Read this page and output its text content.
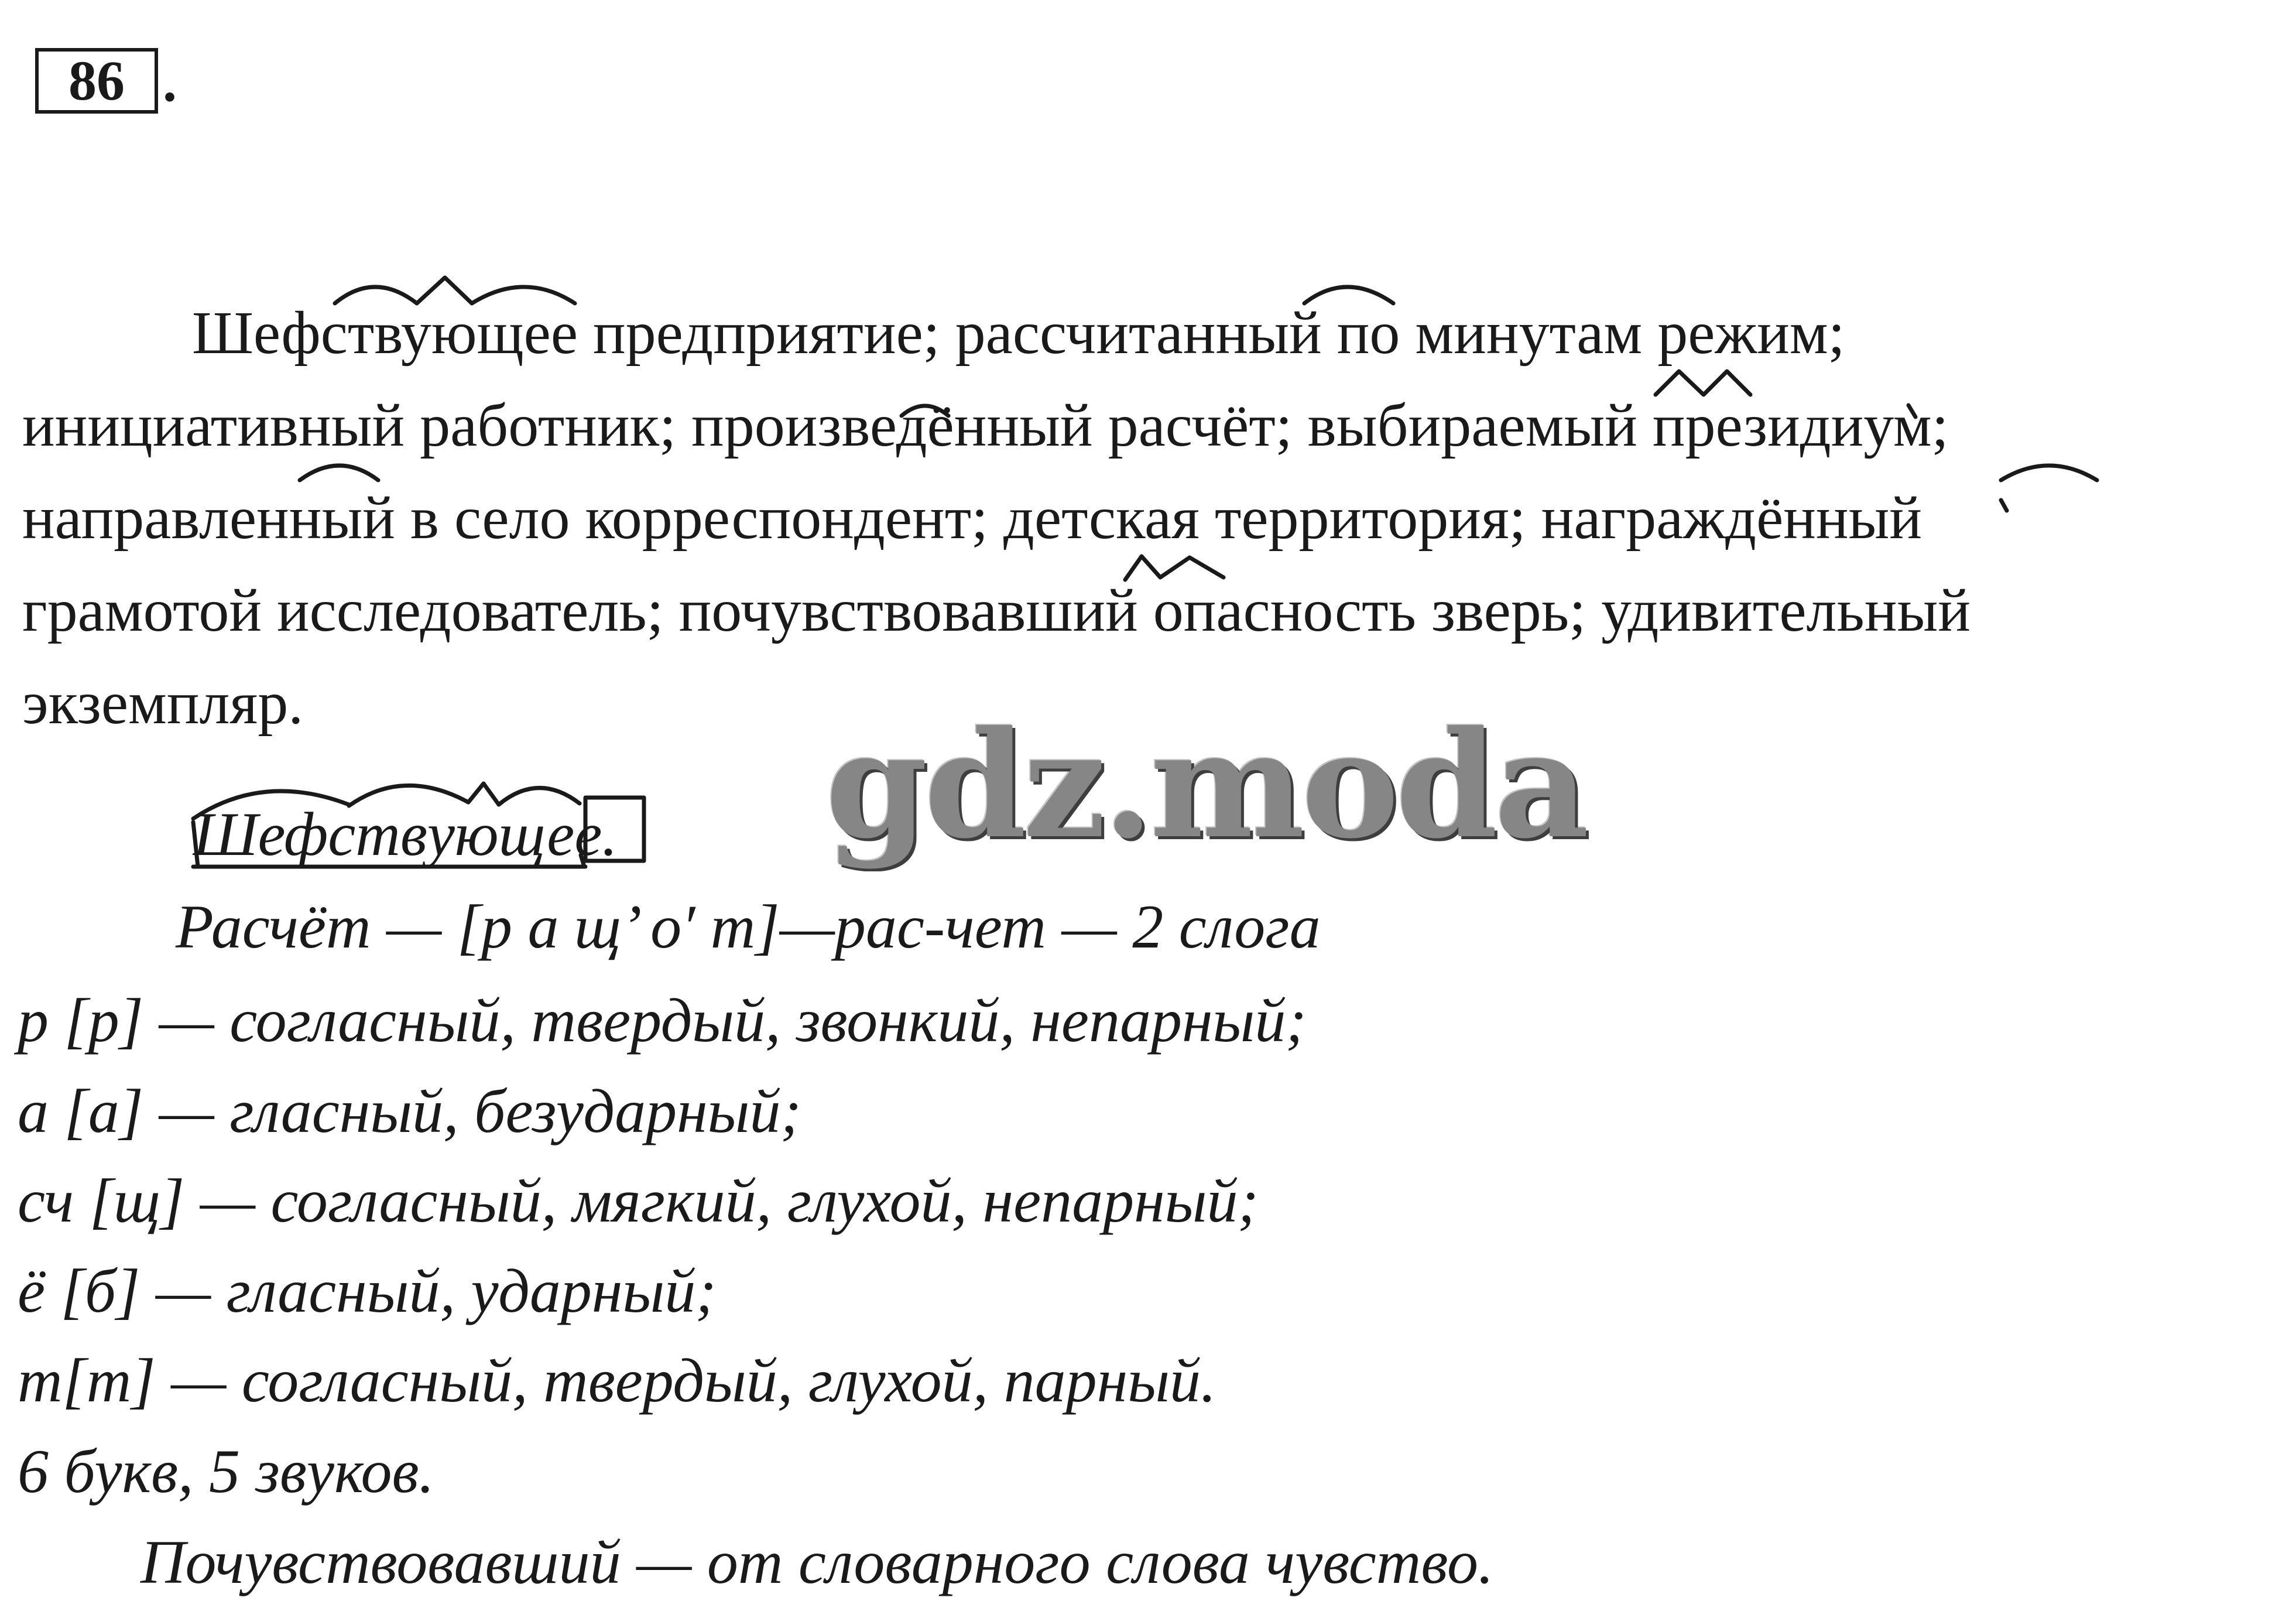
86 .

Шефствующее предприятие; рассчитанный по минутам режим;
инициативный работник; произведённый расчёт; выбираемый президиум;
направленный в село корреспондент; детская территория; награждённый
грамотой исследователь; почувствовавший опасность зверь; удивительный
экземпляр.	gdz.moda

Шефствующее.

Расчёт — [р а щ’ о′ т]—рас-чет — 2 слога

р [р] — согласный, твердый, звонкий, непарный;

а [а] — гласный, безударный;

сч [щ] — согласный, мягкий, глухой, непарный;

ё [б] — гласный, ударный;

т[т] — согласный, твердый, глухой, парный.

6 букв, 5 звуков.

Почувствовавший — от словарного слова чувство.
